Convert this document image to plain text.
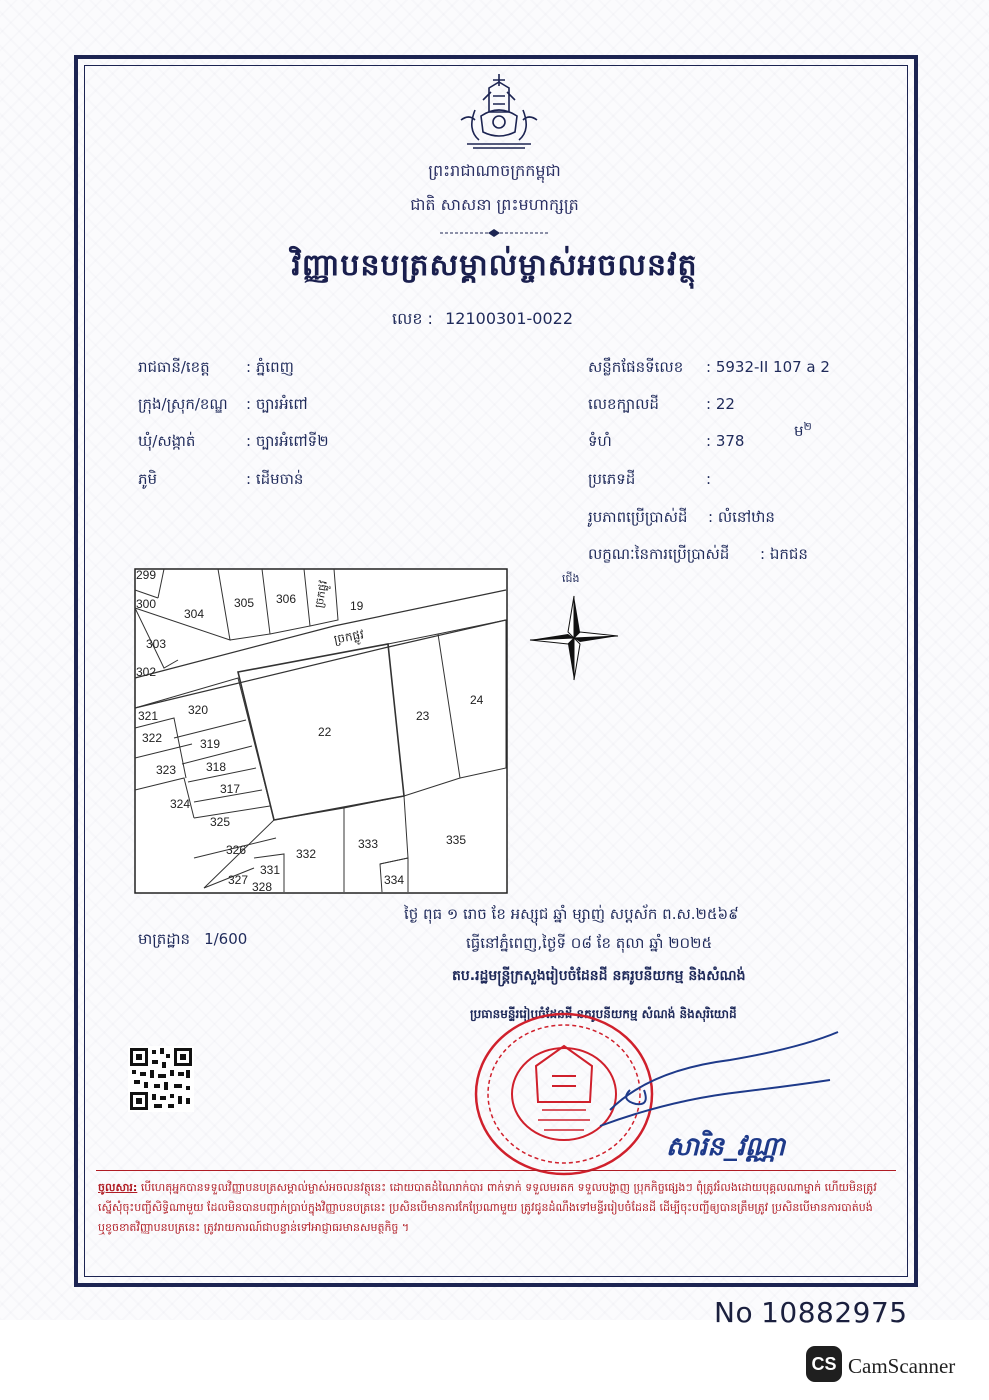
ព្រះរាជាណាចក្រកម្ពុជា
ជាតិ សាសនា ព្រះមហាក្សត្រ
វិញ្ញាបនបត្រសម្គាល់ម្ចាស់អចលនវត្ថុ
លេខ : 12100301-0022
រាជធានី/ខេត្ត : ភ្នំពេញ
ក្រុង/ស្រុក/ខណ្ឌ : ច្បារអំពៅ
ឃុំ/សង្កាត់	: ច្បារអំពៅទី២
ភូមិ	: ដើមចាន់
សន្លឹកផែនទីលេខ : 5932-II 107 a 2
លេខក្បាលដី	: 22
ទំហំ	: 378
ម$^២$
ប្រភេទដី	:
រូបភាពប្រើប្រាស់ដី : លំនៅឋាន
លក្ខណៈនៃការប្រើប្រាស់ដី : ឯកជន
299
300
304
305 306	19
303
302
321 320
322	319
323 318
317
324
325
326
331
332
333
327 328	334
335
22
23
24
ច្រកផ្លូវ
ច្រកផ្លូវ
ជើង
ថ្ងៃ ពុធ ១ រោច ខែ អស្សុជ ឆ្នាំ ម្សាញ់ សប្តស័ក ព.ស.២៥៦៩
មាត្រដ្ឋាន 1/600	ធ្វើនៅភ្នំពេញ,ថ្ងៃទី ០៨ ខែ តុលា ឆ្នាំ ២០២៥
តប.រដ្ឋមន្ត្រីក្រសួងរៀបចំដែនដី នគរូបនីយកម្ម និងសំណង់
ប្រធានមន្ទីររៀបចំដែនដី នគរូបនីយកម្ម សំណង់ និងសុរិយោដី
សារិន_វណ្ណា
ចូលសារ: បើហេតុអ្នកបានទទួលវិញ្ញាបនបត្រសម្គាល់ម្ចាស់អចលនវត្ថុនេះ ដោយបាតដំណៃរាក់បារ ពាក់ទាក់ ទទួលមរតក ទទួលបង្ហាញ ប្រុកកិច្ចផ្សេងៗ ពុំត្រូវរំលងដោយបុគ្គលណាម្នាក់ ហើយមិនត្រូវស្នើសុំចុះបញ្ជីសិទ្ធិណាមួយ ដែលមិនបានបញ្ជាក់ប្រាប់ក្នុងវិញ្ញាបនបត្រនេះ ប្រសិនបើមានការកែប្រែណាមួយ ត្រូវជូនដំណឹងទៅមន្ទីររៀបចំដែនដី ដើម្បីចុះបញ្ជីឲ្យបានត្រឹមត្រូវ ប្រសិនបើមានការបាត់បង់ ឬខូចខាតវិញ្ញាបនបត្រនេះ ត្រូវរាយការណ៍ជាបន្ទាន់ទៅអាជ្ញាធរមានសមត្ថកិច្ច ។
No 10882975
CS CamScanner
